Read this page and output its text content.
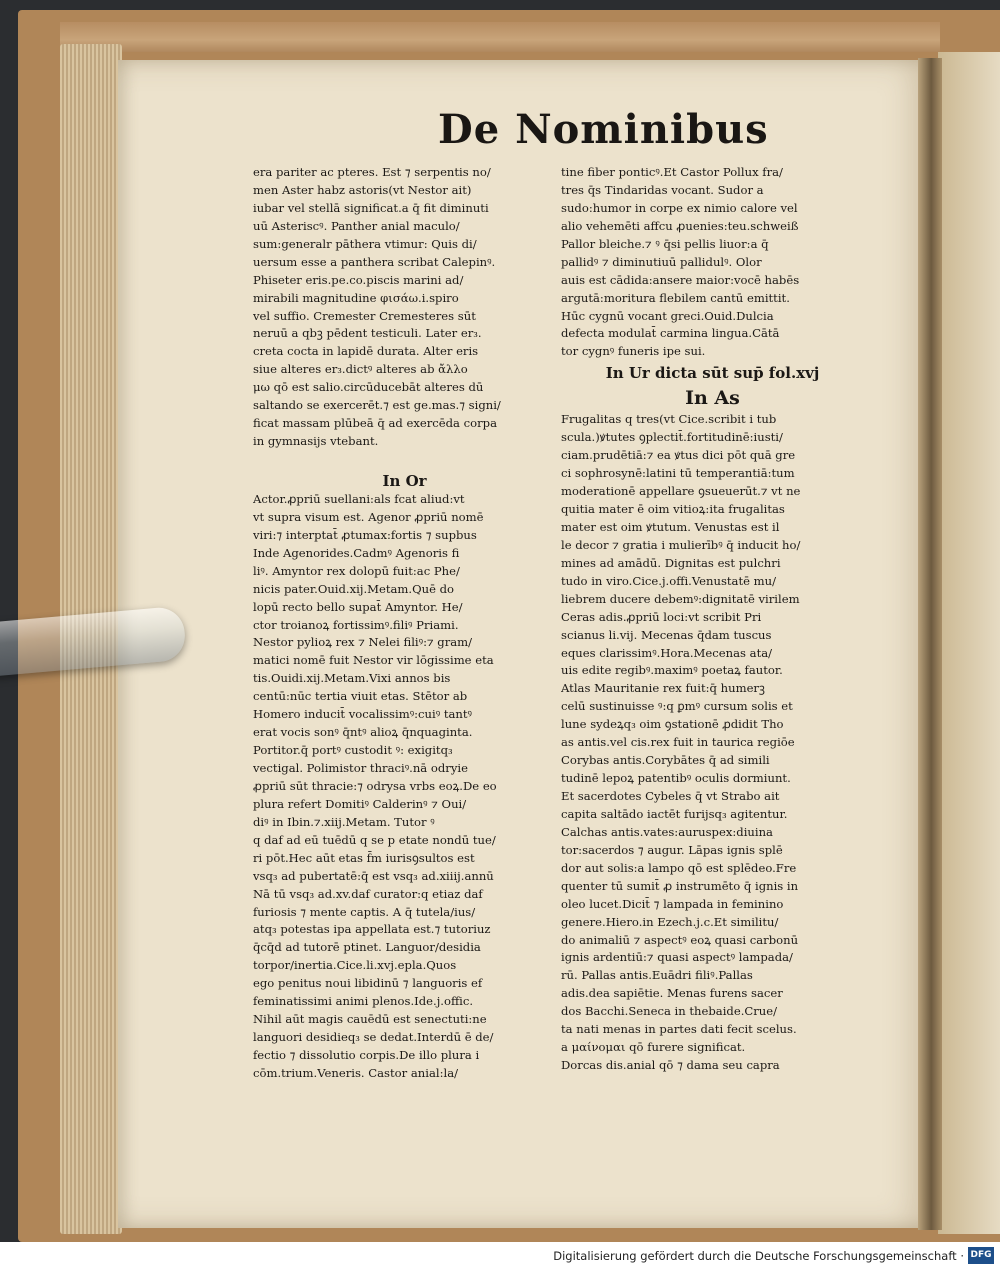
De Nominibus
era pariter ac pteres. Est ⁊ serpentis no/
men Aster habz astoris(vt Nestor ait)
iubar vel stellā significat.a q̄ fit diminuti
uū Asteriscꝰ. Panther anial maculo/
sum:generalr pāthera vtimur: Quis di/
uersum esse a panthera scribat Calepinꝰ.
Phiseter eris.pe.co.piscis marini ad/
mirabili magnitudine φισάω.i.spiro
vel suffio. Cremester Cremesteres sūt
neruū a qbꝫ pēdent testiculi. Later er₃.
creta cocta in lapidē durata. Alter eris
siue alteres er₃.dictꝰ alteres ab ἄλλο
μω qō est salio.circūducebāt alteres dū
saltando se exercerēt.⁊ est ge.mas.⁊ signi/
ficat massam plūbeā q̄ ad exercēda corpa
in gymnasijs vtebant.
In Or
Actor.ꝓpriū suellani:als fcat aliud:vt
vt supra visum est. Agenor ꝓpriū nomē
viri:⁊ interptat̄ ꝓtumax:fortis ⁊ supbus
Inde Agenorides.Cadmꝰ Agenoris fi
liꝰ. Amyntor rex dolopū fuit:ac Phe/
nicis pater.Ouid.xij.Metam.Quē do
lopū recto bello supat̄ Amyntor. He/
ctor troianoꝝ fortissimꝰ.filiꝰ Priami.
Nestor pylioꝝ rex ⁊ Nelei filiꝰ:⁊ gram/
matici nomē fuit Nestor vir lōgissime eta
tis.Ouidi.xij.Metam.Vixi annos bis
centū:nūc tertia viuit etas. Stētor ab
Homero inducit̄ vocalissimꝰ:cuiꝰ tantꝰ
erat vocis sonꝰ q̄ntꝰ alioꝝ q̄nquaginta.
Portitor.q̄ portꝰ custodit ꝰ: exigitq₃
vectigal. Polimistor thraciꝰ.nā odryie
ꝓpriū sūt thracie:⁊ odrysa vrbs eoꝝ.De eo
plura refert Domitiꝰ Calderinꝰ ⁊ Oui/
diꝰ in Ibin.⁊.xiij.Metam. Tutor ꝰ
q daf ad eū tuēdū q se p etate nondū tue/
ri pōt.Hec aūt etas f̄m iurisꝯsultos est
vsq₃ ad pubertatē:q̄ est vsq₃ ad.xiiij.annū
Nā tū vsq₃ ad.xv.daf curator:q etiaz daf
furiosis ⁊ mente captis. A q̄ tutela/ius/
atq₃ potestas ipa appellata est.⁊ tutoriuz
q̄cq̄d ad tutorē ptinet. Languor/desidia
torpor/inertia.Cice.li.xvj.epla.Quos
ego penitus noui libidinū ⁊ languoris ef
feminatissimi animi plenos.Ide.j.offic.
Nihil aūt magis cauēdū est senectuti:ne
languori desidieq₃ se dedat.Interdū ē de/
fectio ⁊ dissolutio corpis.De illo plura i
cōm.trium.Veneris. Castor anial:la/
tine fiber ponticꝰ.Et Castor Pollux fra/
tres q̄s Tindaridas vocant. Sudor a
sudo:humor in corpe ex nimio calore vel
alio vehemēti affcu ꝓuenies:teu.schweiß
Pallor bleiche.⁊ ꝰ q̄si pellis liuor:a q̄
pallidꝰ ⁊ diminutiuū pallidulꝰ. Olor
auis est cādida:ansere maior:vocē habēs
argutā:moritura flebilem cantū emittit.
Hūc cygnū vocant greci.Ouid.Dulcia
defecta modulat̄ carmina lingua.Cātā
tor cygnꝰ funeris ipe sui.
In Ur dicta sūt sup̄ fol.xvj
In As
Frugalitas q tres(vt Cice.scribit i tub
scula.)ꝟtutes ꝯplectit̄.fortitudinē:iusti/
ciam.prudētiā:⁊ ea ꝟtus dici pōt quā gre
ci sophrosynē:latini tū temperantiā:tum
moderationē appellare ꝯsueuerūt.⁊ vt ne
quitia mater ē oim vitioꝝ:ita frugalitas
mater est oim ꝟtutum. Venustas est il
le decor ⁊ gratia i mulierībꝰ q̄ inducit ho/
mines ad amādū. Dignitas est pulchri
tudo in viro.Cice.j.offi.Venustatē mu/
liebrem ducere debemꝰ:dignitatē virilem
Ceras adis.ꝓpriū loci:vt scribit Pri
scianus li.vij. Mecenas q̄dam tuscus
eques clarissimꝰ.Hora.Mecenas ata/
uis edite regibꝰ.maximꝰ poetaꝝ fautor.
Atlas Mauritanie rex fuit:q̄ humerꝫ
celū sustinuisse ꝰ:q ꝑmꝰ cursum solis et
lune sydeꝝq₃ oim ꝯstationē ꝓdidit Tho
as antis.vel cis.rex fuit in taurica regiōe
Corybas antis.Corybātes q̄ ad simili
tudinē lepoꝝ patentibꝰ oculis dormiunt.
Et sacerdotes Cybeles q̄ vt Strabo ait
capita saltādo iactēt furijsq₃ agitentur.
Calchas antis.vates:auruspex:diuina
tor:sacerdos ⁊ augur. Lāpas ignis splē
dor aut solis:a lampo qō est splēdeo.Fre
quenter tū sumit̄ ꝓ instrumēto q̄ ignis in
oleo lucet.Dicit̄ ⁊ lampada in feminino
genere.Hiero.in Ezech.j.c.Et similitu/
do animaliū ⁊ aspectꝰ eoꝝ quasi carbonū
ignis ardentiū:⁊ quasi aspectꝰ lampada/
rū. Pallas antis.Euādri filiꝰ.Pallas
adis.dea sapiētie. Menas furens sacer
dos Bacchi.Seneca in thebaide.Crue/
ta nati menas in partes dati fecit scelus.
a μαίνομαι qō furere significat.
Dorcas dis.anial qō ⁊ dama seu capra
Digitalisierung gefördert durch die Deutsche Forschungsgemeinschaft · DFG
